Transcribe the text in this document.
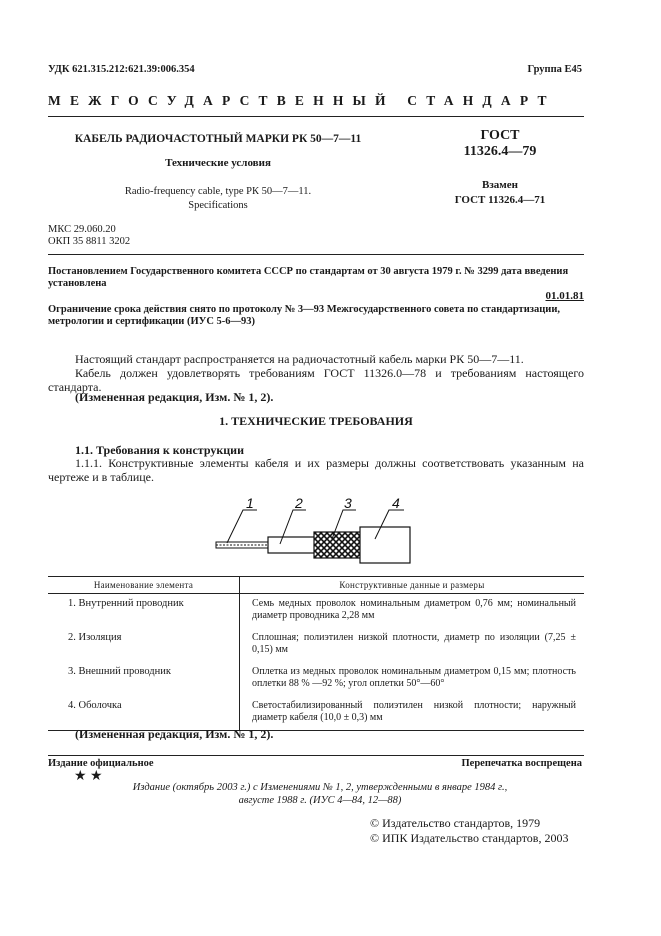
УДК 621.315.212:621.39:006.354	Группа Е45
МЕЖГОСУДАРСТВЕННЫЙ СТАНДАРТ
КАБЕЛЬ РАДИОЧАСТОТНЫЙ МАРКИ РК 50—7—11
Технические условия
Radio-frequency cable, type РК 50—7—11.
Specifications
ГОСТ
11326.4—79
Взамен
ГОСТ 11326.4—71
МКС 29.060.20
ОКП 35 8811 3202
Постановлением Государственного комитета СССР по стандартам от 30 августа 1979 г. № 3299 дата введения установлена
01.01.81
Ограничение срока действия снято по протоколу № 3—93 Межгосударственного совета по стандартизации, метрологии и сертификации (ИУС 5-6—93)
Настоящий стандарт распространяется на радиочастотный кабель марки РК 50—7—11.
Кабель должен удовлетворять требованиям ГОСТ 11326.0—78 и требованиям настоящего стандарта.
(Измененная редакция, Изм. № 1, 2).
1. ТЕХНИЧЕСКИЕ ТРЕБОВАНИЯ
1.1. Требования к конструкции
1.1.1. Конструктивные элементы кабеля и их размеры должны соответствовать указанным на чертеже и в таблице.
1	2	3	4
Наименование элемента	Конструктивные данные и размеры
1. Внутренний проводник	Семь медных проволок номинальным диаметром 0,76 мм; номинальный диаметр проводника 2,28 мм
2. Изоляция	Сплошная; полиэтилен низкой плотности, диаметр по изоляции (7,25 ± 0,15) мм
3. Внешний проводник	Оплетка из медных проволок номинальным диаметром 0,15 мм; плотность оплетки 88 % —92 %; угол оплетки 50°—60°
4. Оболочка	Светостабилизированный полиэтилен низкой плотности; наружный диаметр кабеля (10,0 ± 0,3) мм
(Измененная редакция, Изм. № 1, 2).
Издание официальное	Перепечатка воспрещена
★ ★
Издание (октябрь 2003 г.) с Изменениями № 1, 2, утвержденными в январе 1984 г.,
августе 1988 г. (ИУС 4—84, 12—88)
© Издательство стандартов, 1979
© ИПК Издательство стандартов, 2003
